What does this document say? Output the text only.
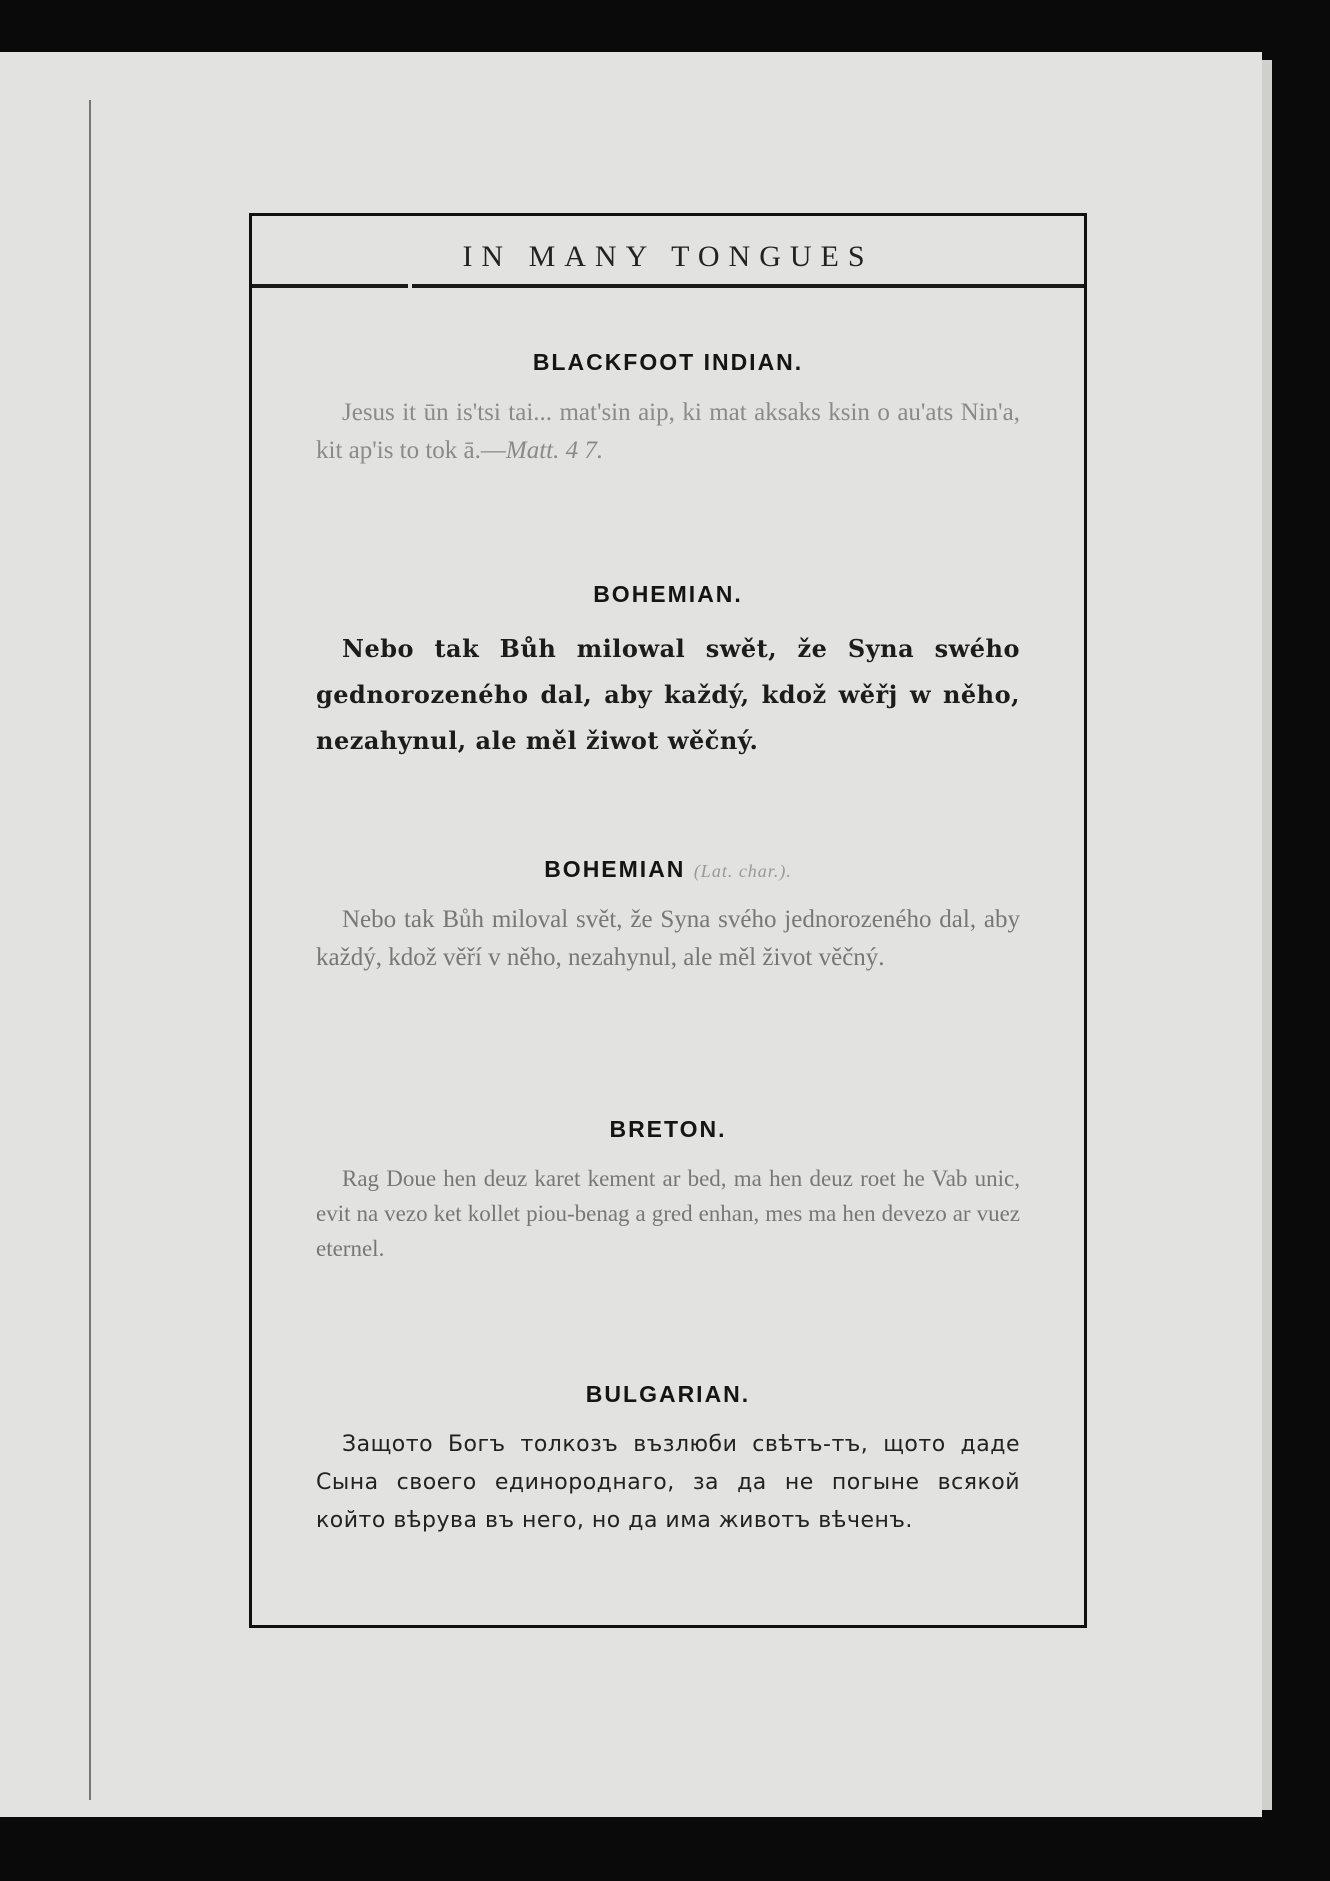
IN MANY TONGUES
BLACKFOOT INDIAN.
Jesus it ūn is'tsi tai... mat'sin aip, ki mat aksaks ksin o au'ats Nin'a, kit ap'is to tok ā.—Matt. 4 7.
BOHEMIAN.
Nebo tak Bůh milowal swět, že Syna swého gednorozeného dal, aby každý, kdož wěřj w něho, nezahynul, ale měl žiwot wěčný.
BOHEMIAN (Lat. char.).
Nebo tak Bůh miloval svět, že Syna svého jednorozeného dal, aby každý, kdož věří v něho, nezahynul, ale měl život věčný.
BRETON.
Rag Doue hen deuz karet kement ar bed, ma hen deuz roet he Vab unic, evit na vezo ket kollet piou-benag a gred enhan, mes ma hen devezo ar vuez eternel.
BULGARIAN.
Защото Богъ толкозъ възлюби свѣтъ-тъ, щото даде Сына своего единороднаго, за да не погыне всякой който вѣрува въ него, но да има животъ вѣченъ.
